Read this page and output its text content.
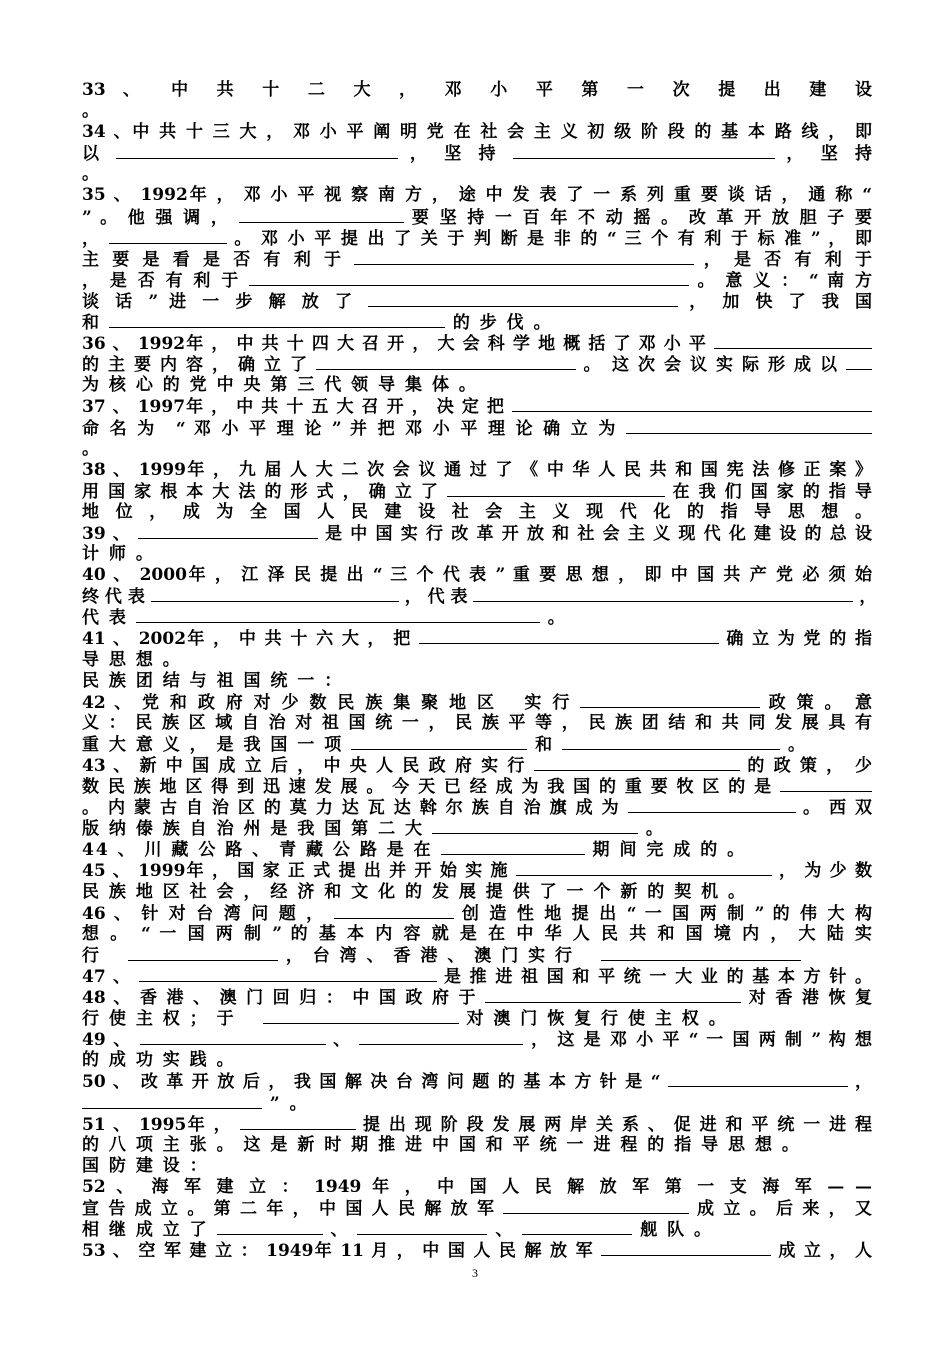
33 、　中 共 十 二 大 ， 邓 小 平 第 一 次 提 出 建 设
。
34 、中 共 十 三 大 ， 邓 小 平 阐 明 党 在 社 会 主 义 初 级 阶 段 的 基 本 路 线 ， 即
以	， 坚 持	， 坚 持
。
35 、 1992年 ， 邓 小 平 视 察 南 方 ， 途 中 发 表 了 一 系 列 重 要 谈 话 ， 通 称 “
” 。 他 强 调 ，	要 坚 持 一 百 年 不 动 摇 。 改 革 开 放 胆 子 要
，	。 邓 小 平 提 出 了 关 于 判 断 是 非 的 “ 三 个 有 利 于 标 准 ” ， 即
主 要 是 看 是 否 有 利 于	， 是 否 有 利 于
， 是 否 有 利 于	。 意 义 ： “ 南 方
谈 话 ” 进 一 步 解 放 了	， 加 快 了 我 国
和	的 步 伐 。
36 、 1992年 ， 中 共 十 四 大 召 开 ， 大 会 科 学 地 概 括 了 邓 小 平
的 主 要 内 容 ， 确 立 了	。　这 次 会 议 实 际 形 成 以
为 核 心 的 党 中 央 第 三 代 领 导 集 体 。
37 、 1997年 ， 中 共 十 五 大 召 开 ， 决 定 把
命 名 为　“ 邓 小 平 理 论 ” 并 把 邓 小 平 理 论 确 立 为
。
38 、 1999年 ， 九 届 人 大 二 次 会 议 通 过 了 《 中 华 人 民 共 和 国 宪 法 修 正 案 》
用 国 家 根 本 大 法 的 形 式 ， 确 立 了	在 我 们 国 家 的 指 导
地 位 ， 成 为 全 国 人 民 建 设 社 会 主 义 现 代 化 的 指 导 思 想 。
39 、	是 中 国 实 行 改 革 开 放 和 社 会 主 义 现 代 化 建 设 的 总 设
计 师 。
40 、 2000年 ， 江 泽 民 提 出 “ 三 个 代 表 ” 重 要 思 想 ， 即 中 国 共 产 党 必 须 始
终 代 表	， 代 表	，
代 表	。
41 、 2002年 ， 中 共 十 六 大 ， 把	确 立 为 党 的 指
导 思 想 。
民 族 团 结 与 祖 国 统 一 ：
42 、 党 和 政 府 对 少 数 民 族 集 聚 地 区 　实 行	政 策 。　意
义 ： 民 族 区 域 自 治 对 祖 国 统 一 ， 民 族 平 等 ， 民 族 团 结 和 共 同 发 展 具 有
重 大 意 义 ， 是 我 国 一 项	和	。
43 、 新 中 国 成 立 后 ， 中 央 人 民 政 府 实 行	的 政 策 ，　少
数 民 族 地 区 得 到 迅 速 发 展 。 今 天 已 经 成 为 我 国 的 重 要 牧 区 的 是
。 内 蒙 古 自 治 区 的 莫 力 达 瓦 达 斡 尔 族 自 治 旗 成 为	。 西 双
版 纳 傣 族 自 治 州 是 我 国 第 二 大	。
44 、 川 藏 公 路 、 青 藏 公 路 是 在	期 间 完 成 的 。
45 、 1999年 ， 国 家 正 式 提 出 并 开 始 实 施	， 为 少 数
民 族 地 区 社 会 ， 经 济 和 文 化 的 发 展 提 供 了 一 个 新 的 契 机 。
46 、 针 对 台 湾 问 题 ，	创 造 性 地 提 出 “ 一 国 两 制 ” 的 伟 大 构
想 。　“ 一 国 两 制 ” 的 基 本 内 容 就 是 在 中 华 人 民 共 和 国 境 内 ， 大 陆 实
行　	， 台 湾 、 香 港 、 澳 门 实 行　
47 、	是 推 进 祖 国 和 平 统 一 大 业 的 基 本 方 针 。
48 、 香 港 、 澳 门 回 归 ： 中 国 政 府 于	对 香 港 恢 复
行 使 主 权 ； 于　	对 澳 门 恢 复 行 使 主 权 。
49 、	、	， 这 是 邓 小 平 “ 一 国 两 制 ” 构 想
的 成 功 实 践 。
50 、　改 革 开 放 后 ， 我 国 解 决 台 湾 问 题 的 基 本 方 针 是 “	，
” 。
51 、 1995年 ，	提 出 现 阶 段 发 展 两 岸 关 系 、 促 进 和 平 统 一 进 程
的 八 项 主 张 。 这 是 新 时 期 推 进 中 国 和 平 统 一 进 程 的 指 导 思 想 。
国 防 建 设 ：
52 、　海 军 建 立 ： 1949 年 ， 中 国 人 民 解 放 军 第 一 支 海 军 — —
宣 告 成 立 。 第 二 年 ， 中 国 人 民 解 放 军	成 立 。 后 来 ， 又
相 继 成 立 了	、	、	舰 队 。
53 、 空 军 建 立 ： 1949年 11 月 ， 中 国 人 民 解 放 军	成 立 ， 人
3
